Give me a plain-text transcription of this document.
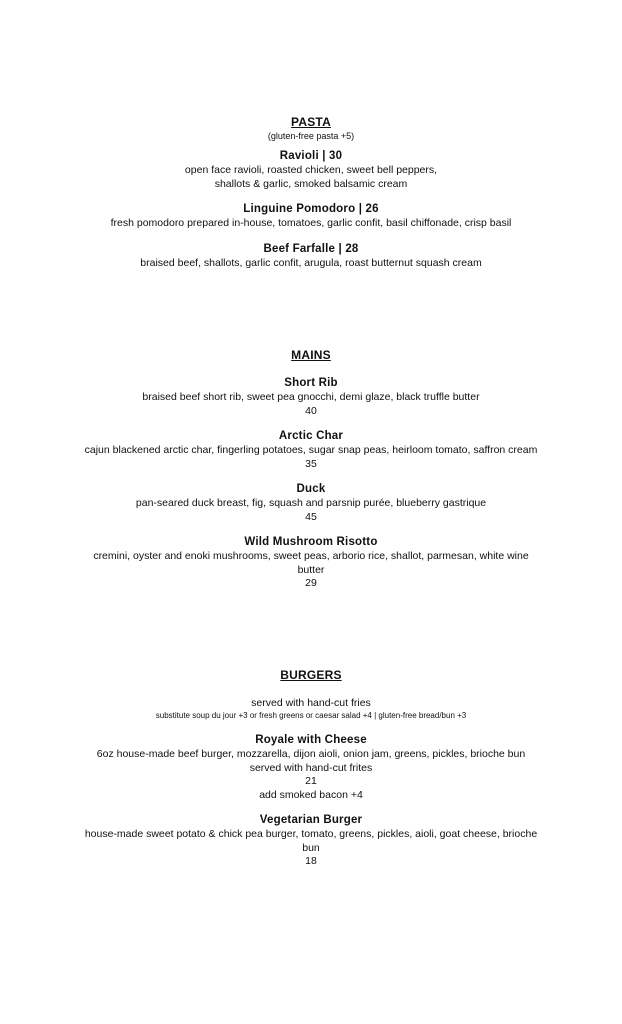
PASTA
(gluten-free pasta +5)
Ravioli | 30
open face ravioli, roasted chicken, sweet bell peppers,
shallots & garlic, smoked balsamic cream
Linguine Pomodoro | 26
fresh pomodoro prepared in-house, tomatoes, garlic confit, basil chiffonade, crisp basil
Beef Farfalle | 28
braised beef, shallots, garlic confit, arugula, roast butternut squash cream
MAINS
Short Rib
braised beef short rib, sweet pea gnocchi, demi glaze, black truffle butter
40
Arctic Char
cajun blackened arctic char, fingerling potatoes, sugar snap peas, heirloom tomato, saffron cream
35
Duck
pan-seared duck breast, fig, squash and parsnip purée, blueberry gastrique
45
Wild Mushroom Risotto
cremini, oyster and enoki mushrooms, sweet peas, arborio rice, shallot, parmesan, white wine
butter
29
BURGERS
served with hand-cut fries
substitute soup du jour +3 or fresh greens or caesar salad +4 | gluten-free bread/bun +3
Royale with Cheese
6oz house-made beef burger, mozzarella, dijon aioli, onion jam, greens, pickles, brioche bun
served with hand-cut frites
21
add smoked bacon +4
Vegetarian Burger
house-made sweet potato & chick pea burger, tomato, greens, pickles, aioli, goat cheese, brioche
bun
18
